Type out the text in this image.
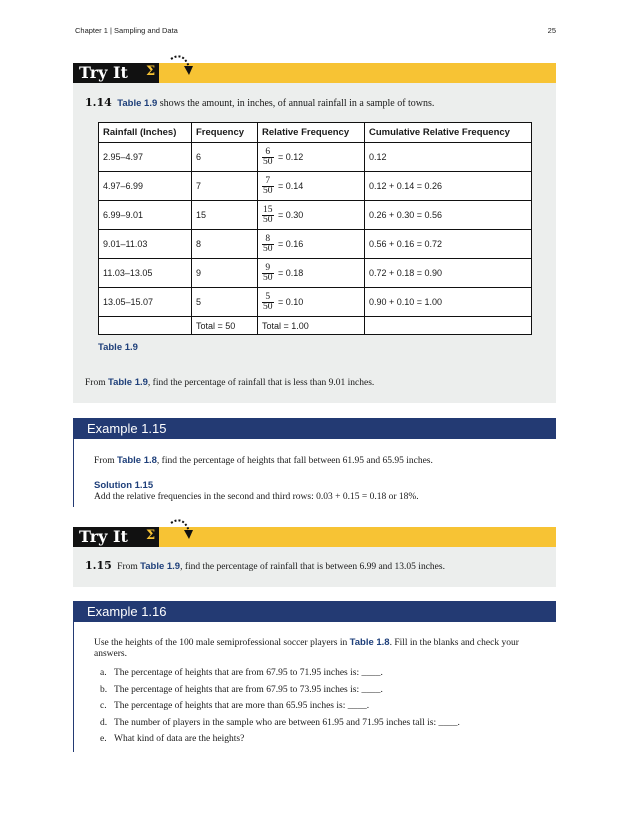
Chapter 1 | Sampling and Data	25
Try It	Σ
1.14 Table 1.9 shows the amount, in inches, of annual rainfall in a sample of towns.
Rainfall (Inches)	Frequency	Relative Frequency	Cumulative Relative Frequency
2.95–4.97	6	$\frac{6}{50} = 0.12$	0.12
4.97–6.99	7	$\frac{7}{50} = 0.14$	0.12 + 0.14 = 0.26
6.99–9.01	15	$\frac{15}{50} = 0.30$	0.26 + 0.30 = 0.56
9.01–11.03	8	$\frac{8}{50} = 0.16$	0.56 + 0.16 = 0.72
11.03–13.05	9	$\frac{9}{50} = 0.18$	0.72 + 0.18 = 0.90
13.05–15.07	5	$\frac{5}{50} = 0.10$	0.90 + 0.10 = 1.00
	Total = 50	Total = 1.00	
Table 1.9
From Table 1.9, find the percentage of rainfall that is less than 9.01 inches.
Example 1.15
From Table 1.8, find the percentage of heights that fall between 61.95 and 65.95 inches.
Solution 1.15
Add the relative frequencies in the second and third rows: 0.03 + 0.15 = 0.18 or 18%.
Try It	Σ
1.15 From Table 1.9, find the percentage of rainfall that is between 6.99 and 13.05 inches.
Example 1.16
Use the heights of the 100 male semiprofessional soccer players in Table 1.8. Fill in the blanks and check your
answers.
a. The percentage of heights that are from 67.95 to 71.95 inches is: ____.
b. The percentage of heights that are from 67.95 to 73.95 inches is: ____.
c. The percentage of heights that are more than 65.95 inches is: ____.
d. The number of players in the sample who are between 61.95 and 71.95 inches tall is: ____.
e. What kind of data are the heights?
